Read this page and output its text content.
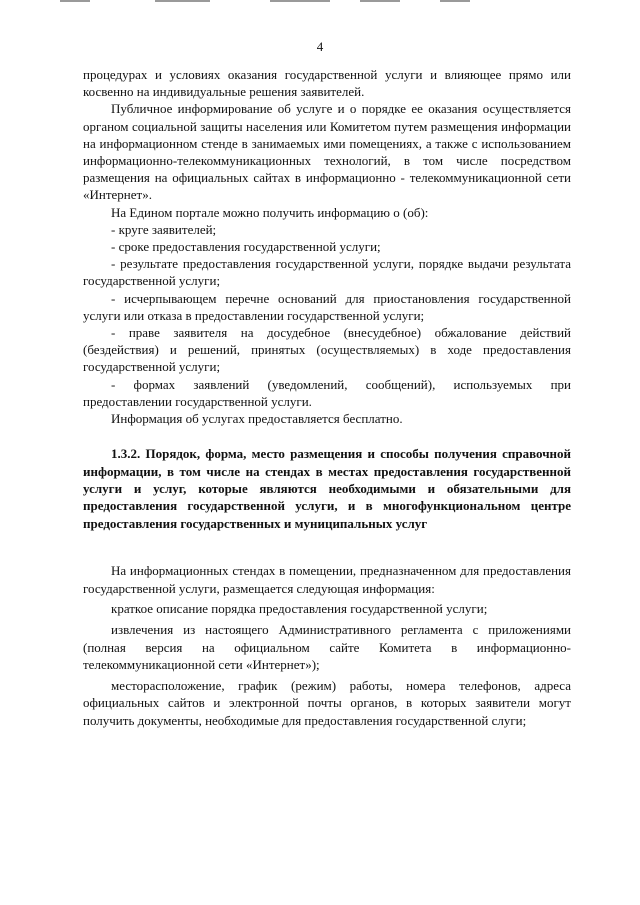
4

процедурах и условиях оказания государственной услуги и влияющее прямо или косвенно на индивидуальные решения заявителей.

Публичное информирование об услуге и о порядке ее оказания осуществляется органом социальной защиты населения или Комитетом путем размещения информации на информационном стенде в занимаемых ими помещениях, а также с использованием информационно-телекоммуникационных технологий, в том числе посредством размещения на официальных сайтах в информационно - телекоммуникационной сети «Интернет».

На Едином портале можно получить информацию о (об):

- круге заявителей;

- сроке предоставления государственной услуги;

- результате предоставления государственной услуги, порядке выдачи результата государственной услуги;

- исчерпывающем перечне оснований для приостановления государственной услуги или отказа в предоставлении государственной услуги;

- праве заявителя на досудебное (внесудебное) обжалование действий (бездействия) и решений, принятых (осуществляемых) в ходе предоставления государственной услуги;

- формах заявлений (уведомлений, сообщений), используемых при предоставлении государственной услуги.

Информация об услугах предоставляется бесплатно.

1.3.2. Порядок, форма, место размещения и способы получения справочной информации, в том числе на стендах в местах предоставления государственной услуги и услуг, которые являются необходимыми и обязательными для предоставления государственной услуги, и в многофункциональном центре предоставления государственных и муниципальных услуг

На информационных стендах в помещении, предназначенном для предоставления государственной услуги, размещается следующая информация:

краткое описание порядка предоставления государственной услуги;

извлечения из настоящего Административного регламента с приложениями (полная версия на официальном сайте Комитета в информационно-телекоммуникационной сети «Интернет»);

месторасположение, график (режим) работы, номера телефонов, адреса официальных сайтов и электронной почты органов, в которых заявители могут получить документы, необходимые для предоставления государственной слуги;
